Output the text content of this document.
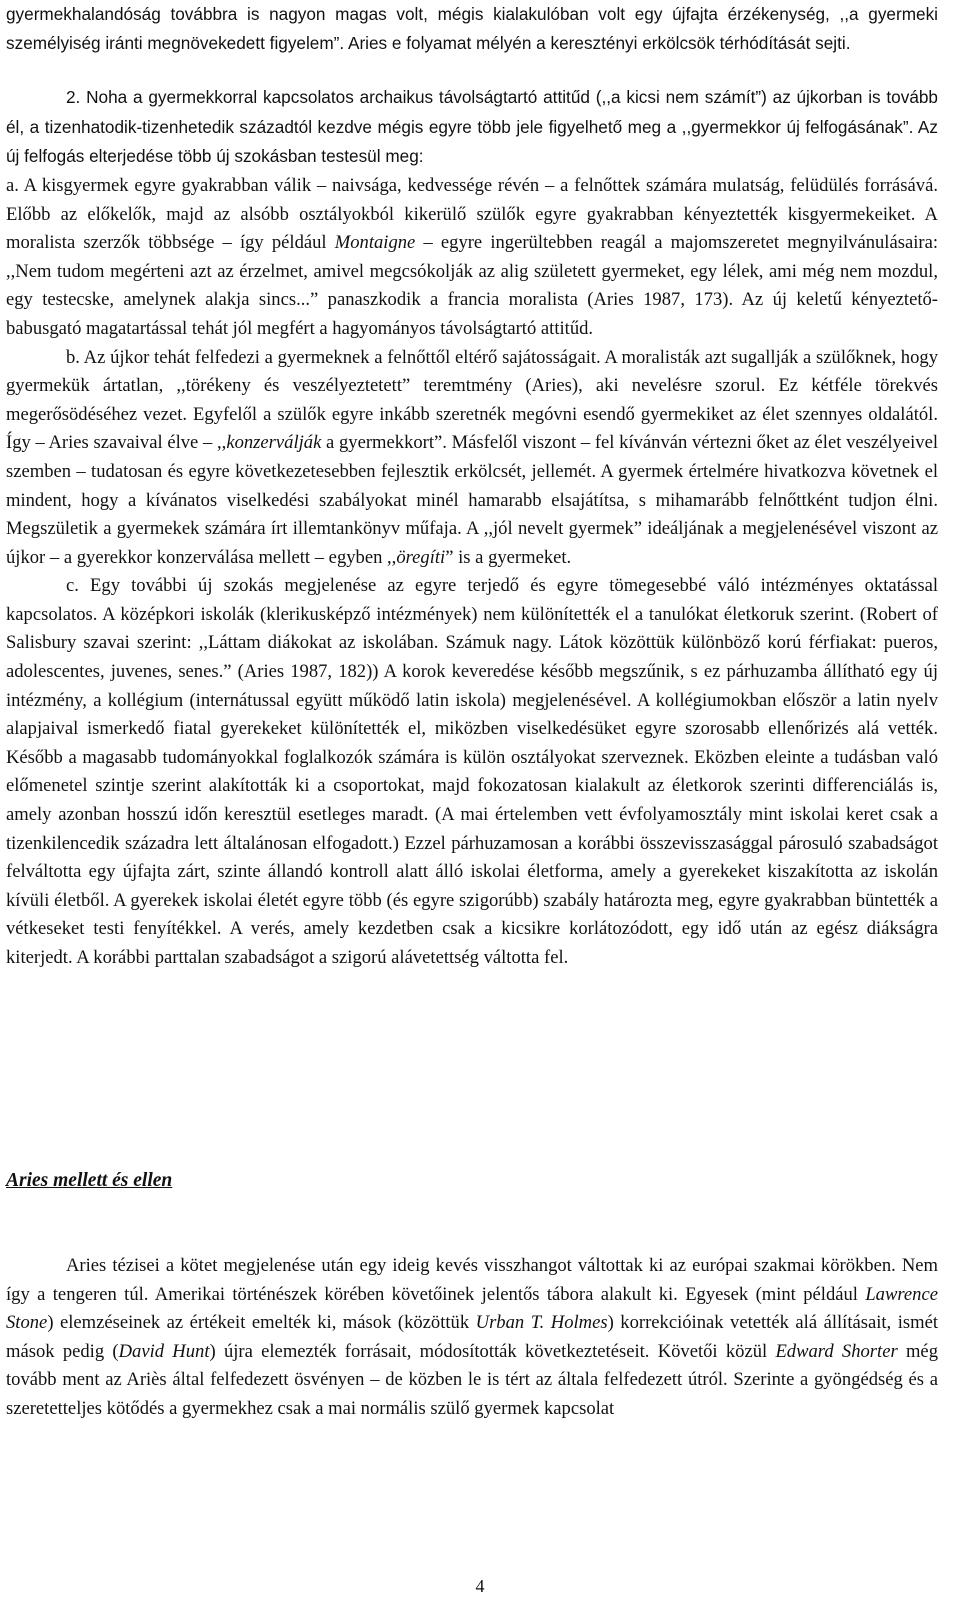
gyermekhalandóság továbbra is nagyon magas volt, mégis kialakulóban volt egy újfajta érzékenység, ,,a gyermeki személyiség iránti megnövekedett figyelem”. Aries e folyamat mélyén a keresztényi erkölcsök térhódítását sejti.

2. Noha a gyermekkorral kapcsolatos archaikus távolságtartó attitűd (,,a kicsi nem számít”) az újkorban is tovább él, a tizenhatodik-tizenhetedik századtól kezdve mégis egyre több jele figyelhető meg a ,,gyermekkor új felfogásának”. Az új felfogás elterjedése több új szokásban testesül meg:
a. A kisgyermek egyre gyakrabban válik – naivsága, kedvessége révén – a felnőttek számára mulatság, felüdülés forrásává. Előbb az előkelők, majd az alsóbb osztályokból kikerülő szülők egyre gyakrabban kényeztették kisgyermekeiket. A moralista szerzők többsége – így például Montaigne – egyre ingerültebben reagál a majomszeretet megnyilvánulásaira: ,,Nem tudom megérteni azt az érzelmet, amivel megcsókolják az alig született gyermeket, egy lélek, ami még nem mozdul, egy testecske, amelynek alakja sincs...” panaszkodik a francia moralista (Aries 1987, 173). Az új keletű kényeztető-babusgató magatartással tehát jól megfért a hagyományos távolságtartó attitűd.

b. Az újkor tehát felfedezi a gyermeknek a felnőttől eltérő sajátosságait. A moralisták azt sugallják a szülőknek, hogy gyermekük ártatlan, ,,törékeny és veszélyeztetett” teremtmény (Aries), aki nevelésre szorul. Ez kétféle törekvés megerősödéséhez vezet. Egyfelől a szülők egyre inkább szeretnék megóvni esendő gyermekiket az élet szennyes oldalától. Így – Aries szavaival élve – ,,konzerválják a gyermekkort”. Másfelől viszont – fel kívánván vértezni őket az élet veszélyeivel szemben – tudatosan és egyre következetesebben fejlesztik erkölcsét, jellemét. A gyermek értelmére hivatkozva követnek el mindent, hogy a kívánatos viselkedési szabályokat minél hamarabb elsajátítsa, s mihamarább felnőttként tudjon élni. Megszületik a gyermekek számára írt illemtankönyv műfaja. A ,,jól nevelt gyermek” ideáljának a megjelenésével viszont az újkor – a gyerekkor konzerválása mellett – egyben ,,öregíti” is a gyermeket.

c. Egy további új szokás megjelenése az egyre terjedő és egyre tömegesebbé váló intézményes oktatással kapcsolatos. A középkori iskolák (klerikusképző intézmények) nem különítették el a tanulókat életkoruk szerint. (Robert of Salisbury szavai szerint: ,,Láttam diákokat az iskolában. Számuk nagy. Látok közöttük különböző korú férfiakat: pueros, adolescentes, juvenes, senes.” (Aries 1987, 182)) A korok keveredése később megszűnik, s ez párhuzamba állítható egy új intézmény, a kollégium (internátussal együtt működő latin iskola) megjelenésével. A kollégiumokban először a latin nyelv alapjaival ismerkedő fiatal gyerekeket különítették el, miközben viselkedésüket egyre szorosabb ellenőrizés alá vették. Később a magasabb tudományokkal foglalkozók számára is külön osztályokat szerveznek. Eközben eleinte a tudásban való előmenetel szintje szerint alakították ki a csoportokat, majd fokozatosan kialakult az életkorok szerinti differenciálás is, amely azonban hosszú időn keresztül esetleges maradt. (A mai értelemben vett évfolyamosztály mint iskolai keret csak a tizenkilencedik századra lett általánosan elfogadott.) Ezzel párhuzamosan a korábbi összevisszasággal párosuló szabadságot felváltotta egy újfajta zárt, szinte állandó kontroll alatt álló iskolai életforma, amely a gyerekeket kiszakította az iskolán kívüli életből. A gyerekek iskolai életét egyre több (és egyre szigorúbb) szabály határozta meg, egyre gyakrabban büntették a vétkeseket testi fenyítékkel. A verés, amely kezdetben csak a kicsikre korlátozódott, egy idő után az egész diákságra kiterjedt. A korábbi parttalan szabadságot a szigorú alávetettség váltotta fel.

Aries mellett és ellen

Aries tézisei a kötet megjelenése után egy ideig kevés visszhangot váltottak ki az európai szakmai körökben. Nem így a tengeren túl. Amerikai történészek körében követőinek jelentős tábora alakult ki. Egyesek (mint például Lawrence Stone) elemzéseinek az értékeit emelték ki, mások (közöttük Urban T. Holmes) korrekcióinak vetették alá állításait, ismét mások pedig (David Hunt) újra elemezték forrásait, módosították következtetéseit. Követői közül Edward Shorter még tovább ment az Ariès által felfedezett ösvényen – de közben le is tért az általa felfedezett útról. Szerinte a gyöngédség és a szeretetteljes kötődés a gyermekhez csak a mai normális szülő gyermek kapcsolat

4
